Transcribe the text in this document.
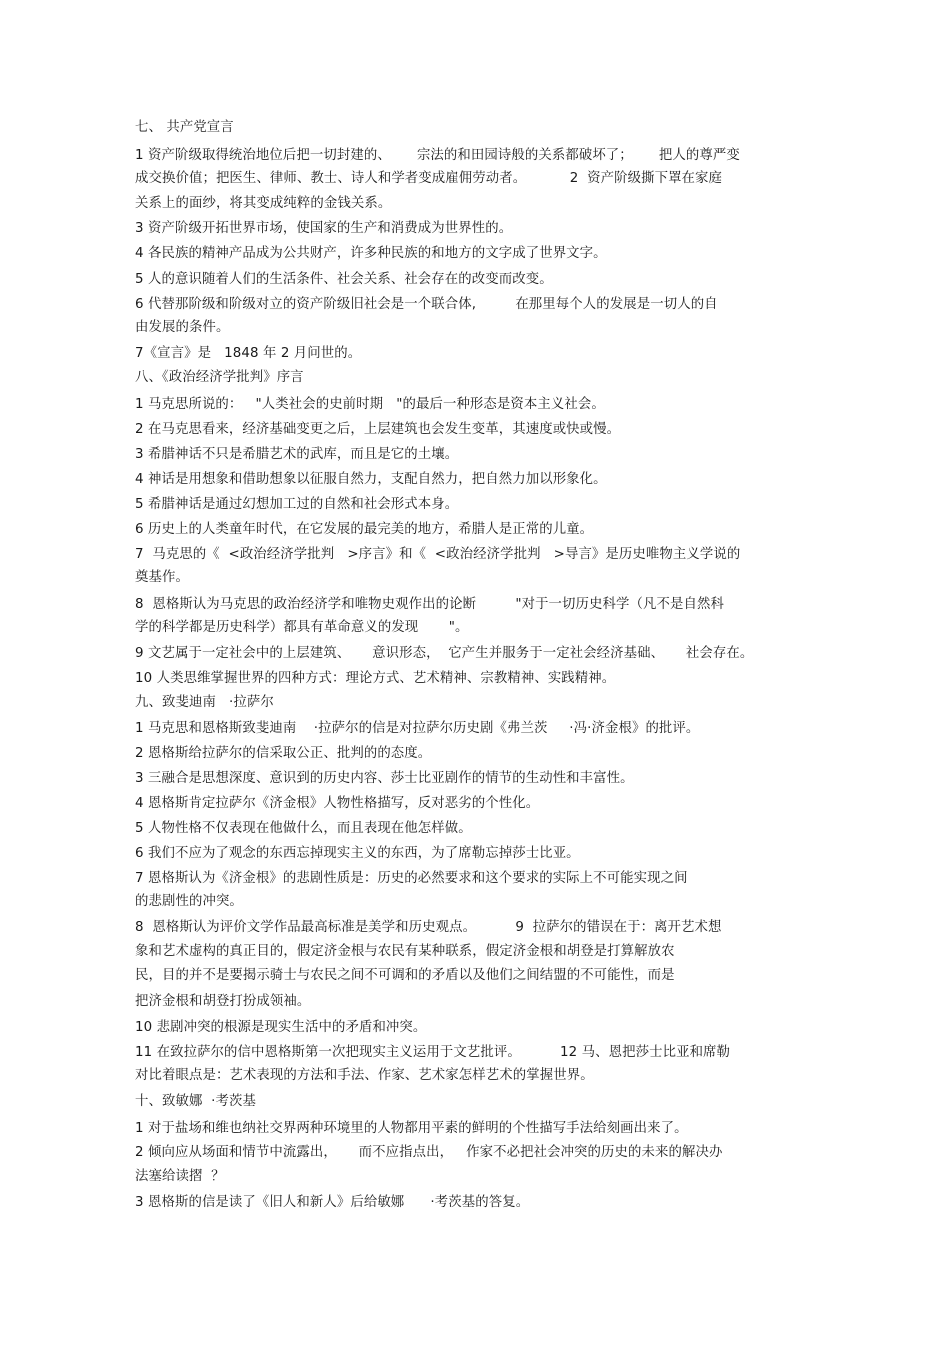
七、 共产党宣言
1 资产阶级取得统治地位后把一切封建的、      宗法的和田园诗般的关系都破坏了；      把人的尊严变
成交换价值；把医生、律师、教士、诗人和学者变成雇佣劳动者。          2  资产阶级撕下罩在家庭
关系上的面纱，将其变成纯粹的金钱关系。
3 资产阶级开拓世界市场，使国家的生产和消费成为世界性的。
4 各民族的精神产品成为公共财产，许多种民族的和地方的文字成了世界文字。
5 人的意识随着人们的生活条件、社会关系、社会存在的改变而改变。
6 代替那阶级和阶级对立的资产阶级旧社会是一个联合体,         在那里每个人的发展是一切人的自
由发展的条件。
7《宣言》是   1848 年 2 月问世的。
八、《政治经济学批判》序言
1 马克思所说的：   "人类社会的史前时期   "的最后一种形态是资本主义社会。
2 在马克思看来，经济基础变更之后，上层建筑也会发生变革，其速度或快或慢。
3 希腊神话不只是希腊艺术的武库，而且是它的土壤。
4 神话是用想象和借助想象以征服自然力，支配自然力，把自然力加以形象化。
5 希腊神话是通过幻想加工过的自然和社会形式本身。
6 历史上的人类童年时代，在它发展的最完美的地方，希腊人是正常的儿童。
7  马克思的《  <政治经济学批判   >序言》和《  <政治经济学批判   >导言》是历史唯物主义学说的
奠基作。
8  恩格斯认为马克思的政治经济学和唯物史观作出的论断         "对于一切历史科学（凡不是自然科
学的科学都是历史科学）都具有革命意义的发现       "。
9 文艺属于一定社会中的上层建筑、     意识形态，  它产生并服务于一定社会经济基础、     社会存在。
10 人类思维掌握世界的四种方式：理论方式、艺术精神、宗教精神、实践精神。
九、致斐迪南   ·拉萨尔
1 马克思和恩格斯致斐迪南    ·拉萨尔的信是对拉萨尔历史剧《弗兰茨     ·冯·济金根》的批评。
2 恩格斯给拉萨尔的信采取公正、批判的的态度。
3 三融合是思想深度、意识到的历史内容、莎士比亚剧作的情节的生动性和丰富性。
4 恩格斯肯定拉萨尔《济金根》人物性格描写，反对恶劣的个性化。
5 人物性格不仅表现在他做什么，而且表现在他怎样做。
6 我们不应为了观念的东西忘掉现实主义的东西，为了席勒忘掉莎士比亚。
7 恩格斯认为《济金根》的悲剧性质是：历史的必然要求和这个要求的实际上不可能实现之间
的悲剧性的冲突。
8  恩格斯认为评价文学作品最高标准是美学和历史观点。         9  拉萨尔的错误在于：离开艺术想
象和艺术虚构的真正目的，假定济金根与农民有某种联系，假定济金根和胡登是打算解放农
民，目的并不是要揭示骑士与农民之间不可调和的矛盾以及他们之间结盟的不可能性，而是
把济金根和胡登打扮成领袖。
10 悲剧冲突的根源是现实生活中的矛盾和冲突。
11 在致拉萨尔的信中恩格斯第一次把现实主义运用于文艺批评。         12 马、恩把莎士比亚和席勒
对比着眼点是：艺术表现的方法和手法、作家、艺术家怎样艺术的掌握世界。
十、致敏娜  ·考茨基
1 对于盐场和维也纳社交界两种环境里的人物都用平素的鲜明的个性描写手法给刻画出来了。
2 倾向应从场面和情节中流露出，     而不应指点出，   作家不必把社会冲突的历史的未来的解决办
法塞给读摺  ？
3 恩格斯的信是读了《旧人和新人》后给敏娜      ·考茨基的答复。
